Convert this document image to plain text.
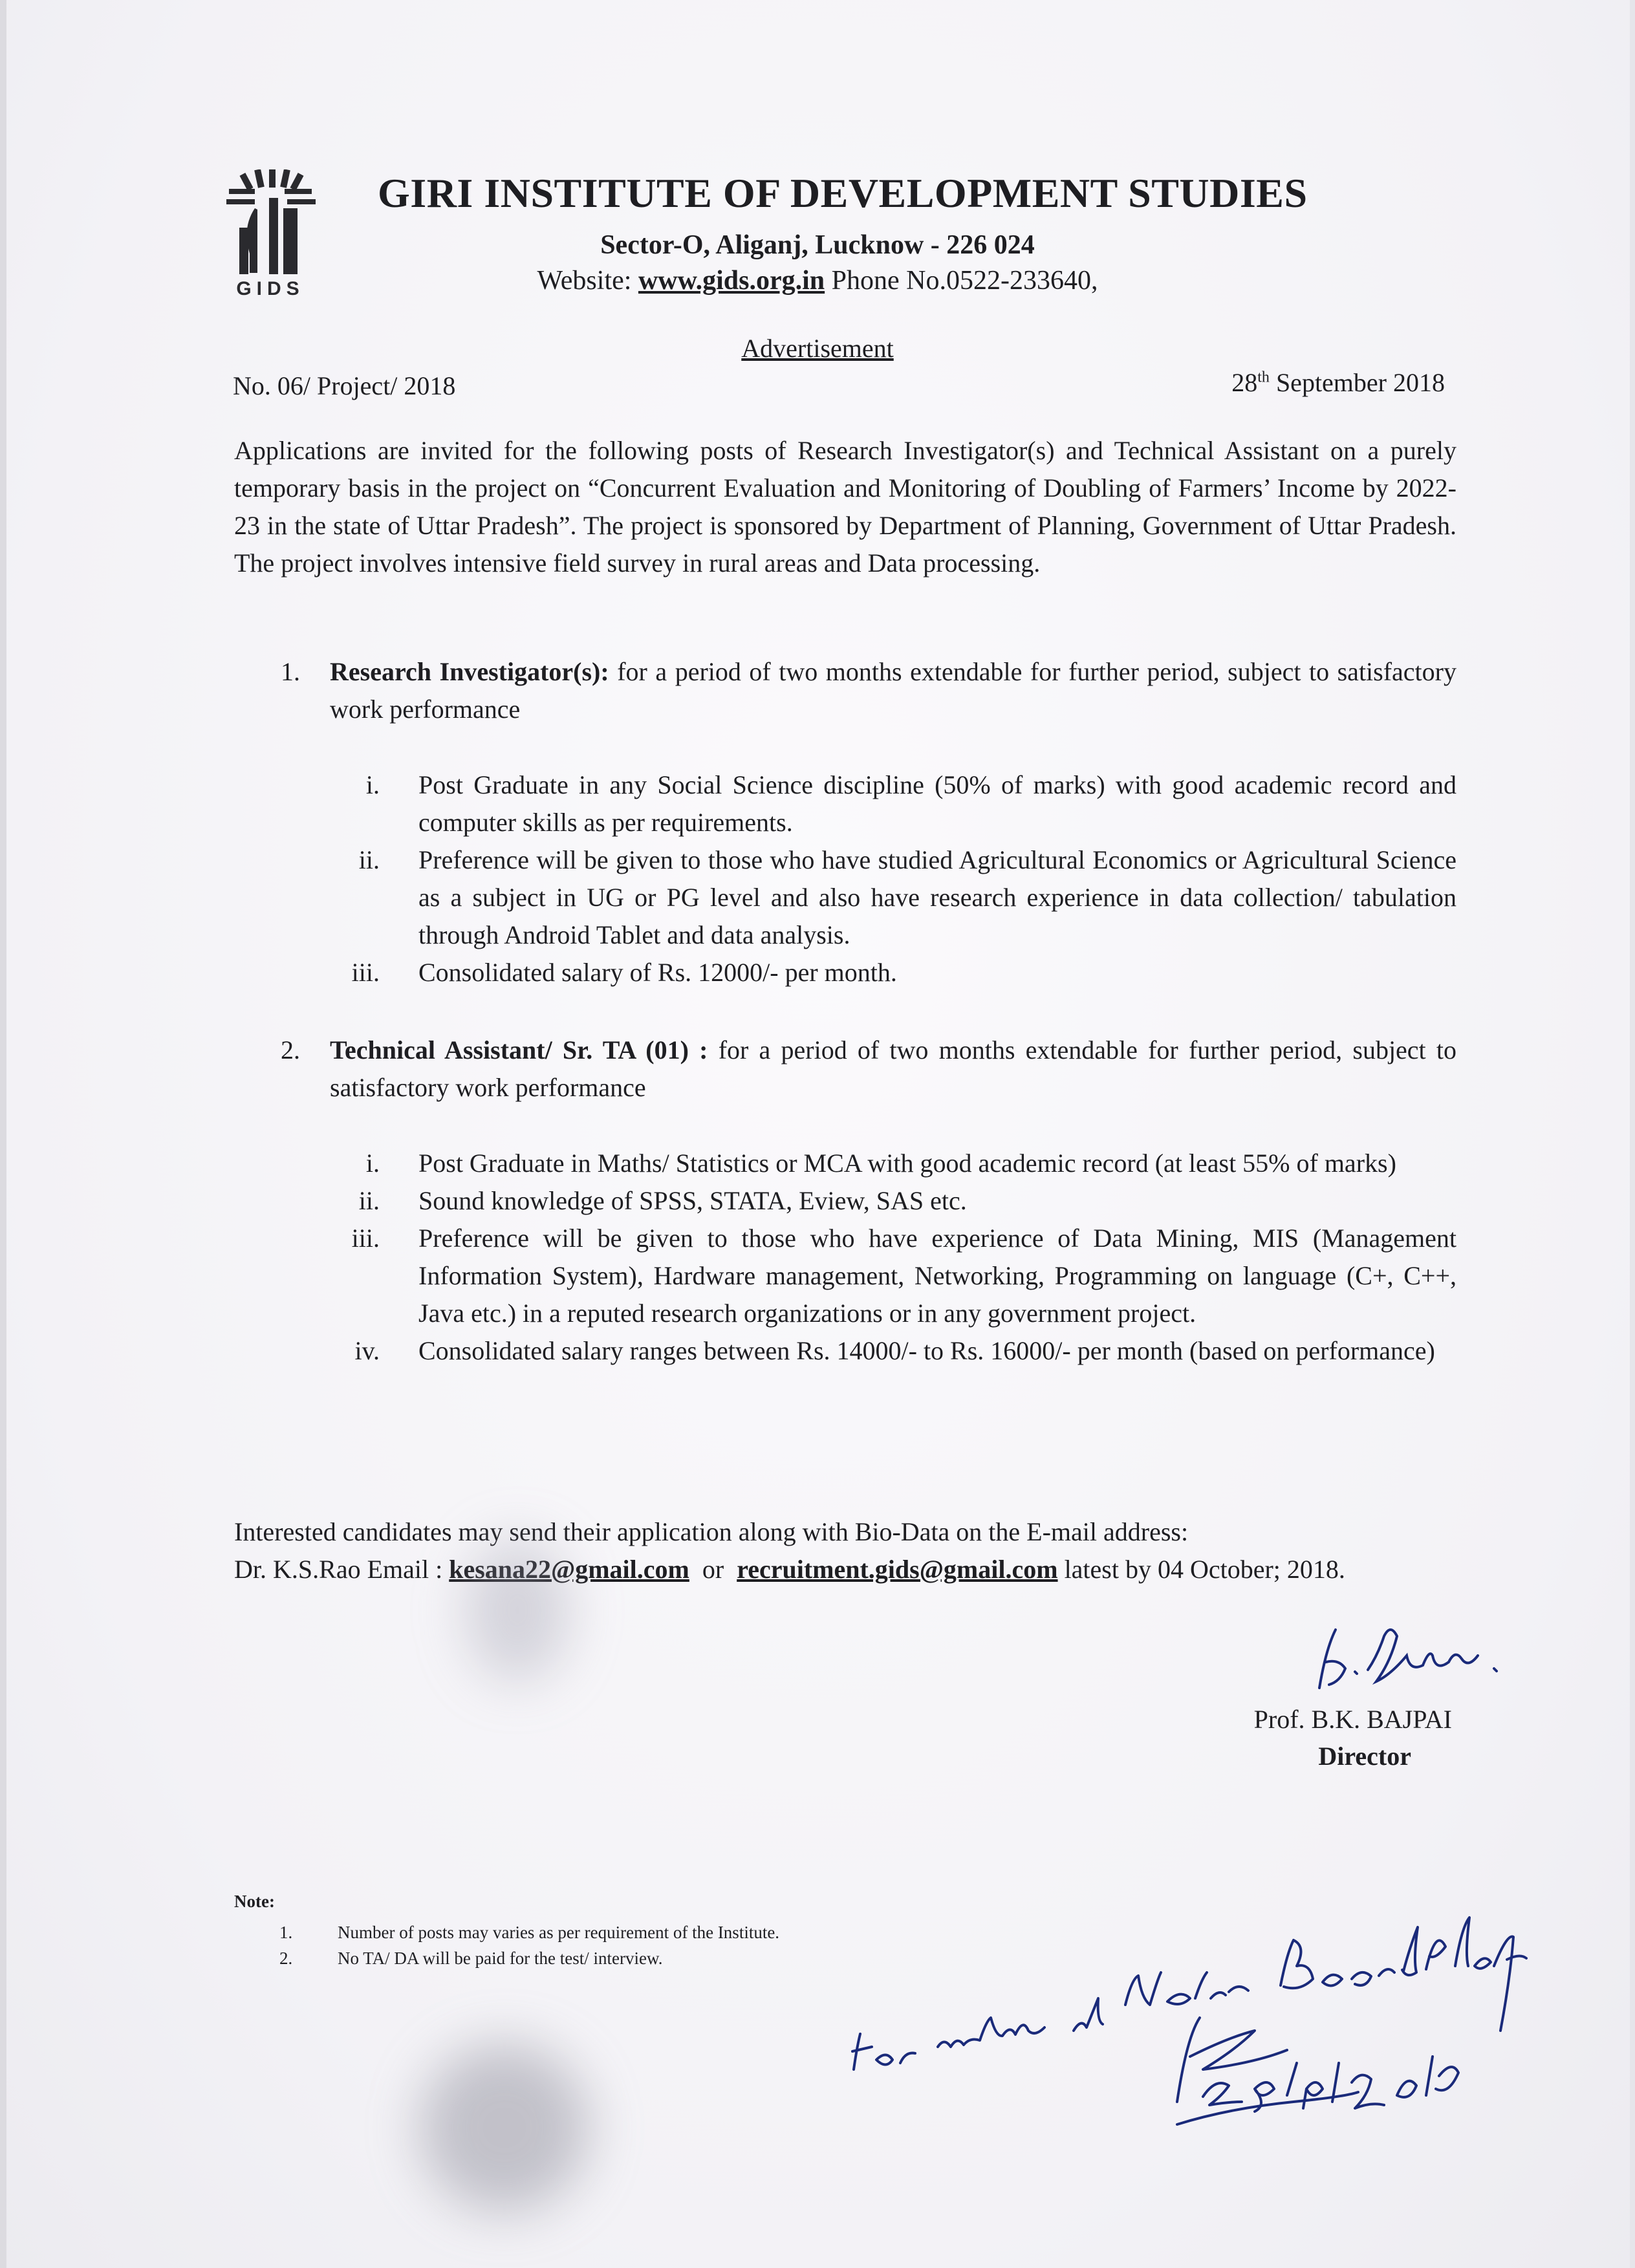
GIDS
GIRI INSTITUTE OF DEVELOPMENT STUDIES
Sector-O, Aliganj, Lucknow - 226 024
Website: www.gids.org.in Phone No.0522-233640,
Advertisement
No. 06/ Project/ 2018	28th September 2018
Applications are invited for the following posts of Research Investigator(s) and Technical Assistant on a purely temporary basis in the project on “Concurrent Evaluation and Monitoring of Doubling of Farmers’ Income by 2022-23 in the state of Uttar Pradesh”. The project is sponsored by Department of Planning, Government of Uttar Pradesh. The project involves intensive field survey in rural areas and Data processing.
1. Research Investigator(s): for a period of two months extendable for further period, subject to satisfactory work performance
i. Post Graduate in any Social Science discipline (50% of marks) with good academic record and computer skills as per requirements.
ii. Preference will be given to those who have studied Agricultural Economics or Agricultural Science as a subject in UG or PG level and also have research experience in data collection/ tabulation through Android Tablet and data analysis.
iii. Consolidated salary of Rs. 12000/- per month.
2. Technical Assistant/ Sr. TA (01) : for a period of two months extendable for further period, subject to satisfactory work performance
i. Post Graduate in Maths/ Statistics or MCA with good academic record (at least 55% of marks)
ii. Sound knowledge of SPSS, STATA, Eview, SAS etc.
iii. Preference will be given to those who have experience of Data Mining, MIS (Management Information System), Hardware management, Networking, Programming on language (C+, C++, Java etc.) in a reputed research organizations or in any government project.
iv. Consolidated salary ranges between Rs. 14000/- to Rs. 16000/- per month (based on performance)
Interested candidates may send their application along with Bio-Data on the E-mail address:
Dr. K.S.Rao Email : kesana22@gmail.com  or  recruitment.gids@gmail.com latest by 04 October; 2018.
Prof. B.K. BAJPAI
Director
Note:
1.	Number of posts may varies as per requirement of the Institute.
2.	No TA/ DA will be paid for the test/ interview.
